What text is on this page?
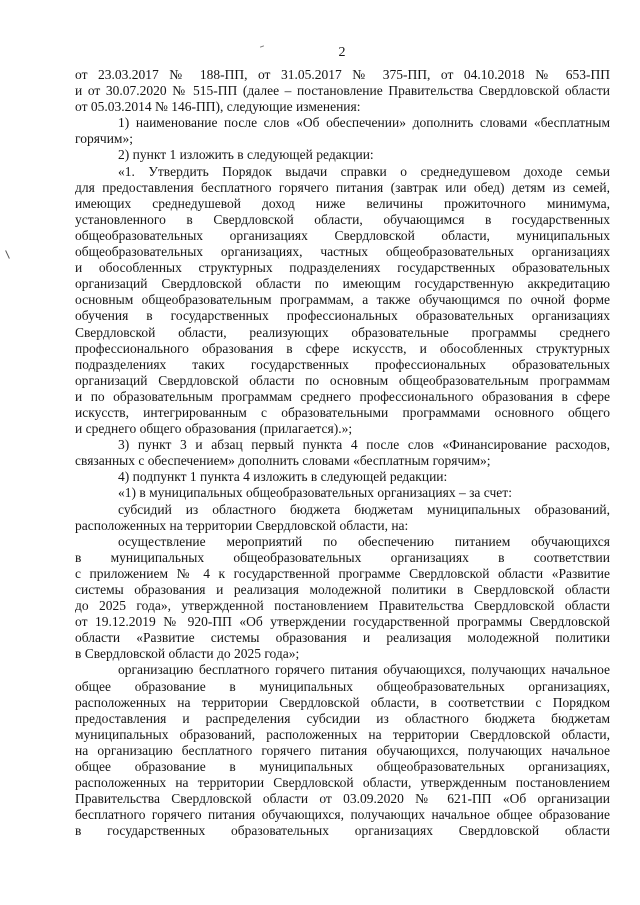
2
от 23.03.2017 № 188-ПП, от 31.05.2017 № 375-ПП, от 04.10.2018 № 653-ПП
и от 30.07.2020 № 515-ПП (далее – постановление Правительства Свердловской области
от 05.03.2014 № 146-ПП), следующие изменения:
1) наименование после слов «Об обеспечении» дополнить словами «бесплатным
горячим»;
2) пункт 1 изложить в следующей редакции:
«1. Утвердить Порядок выдачи справки о среднедушевом доходе семьи
для предоставления бесплатного горячего питания (завтрак или обед) детям из семей,
имеющих среднедушевой доход ниже величины прожиточного минимума,
установленного в Свердловской области, обучающимся в государственных
общеобразовательных организациях Свердловской области, муниципальных
общеобразовательных организациях, частных общеобразовательных организациях
и обособленных структурных подразделениях государственных образовательных
организаций Свердловской области по имеющим государственную аккредитацию
основным общеобразовательным программам, а также обучающимся по очной форме
обучения в государственных профессиональных образовательных организациях
Свердловской области, реализующих образовательные программы среднего
профессионального образования в сфере искусств, и обособленных структурных
подразделениях таких государственных профессиональных образовательных
организаций Свердловской области по основным общеобразовательным программам
и по образовательным программам среднего профессионального образования в сфере
искусств, интегрированным с образовательными программами основного общего
и среднего общего образования (прилагается).»;
3) пункт 3 и абзац первый пункта 4 после слов «Финансирование расходов,
связанных с обеспечением» дополнить словами «бесплатным горячим»;
4) подпункт 1 пункта 4 изложить в следующей редакции:
«1) в муниципальных общеобразовательных организациях – за счет:
субсидий из областного бюджета бюджетам муниципальных образований,
расположенных на территории Свердловской области, на:
осуществление мероприятий по обеспечению питанием обучающихся
в муниципальных общеобразовательных организациях в соответствии
с приложением № 4 к государственной программе Свердловской области «Развитие
системы образования и реализация молодежной политики в Свердловской области
до 2025 года», утвержденной постановлением Правительства Свердловской области
от 19.12.2019 № 920-ПП «Об утверждении государственной программы Свердловской
области «Развитие системы образования и реализация молодежной политики
в Свердловской области до 2025 года»;
организацию бесплатного горячего питания обучающихся, получающих начальное
общее образование в муниципальных общеобразовательных организациях,
расположенных на территории Свердловской области, в соответствии с Порядком
предоставления и распределения субсидии из областного бюджета бюджетам
муниципальных образований, расположенных на территории Свердловской области,
на организацию бесплатного горячего питания обучающихся, получающих начальное
общее образование в муниципальных общеобразовательных организациях,
расположенных на территории Свердловской области, утвержденным постановлением
Правительства Свердловской области от 03.09.2020 № 621-ПП «Об организации
бесплатного горячего питания обучающихся, получающих начальное общее образование
в государственных образовательных организациях Свердловской области
